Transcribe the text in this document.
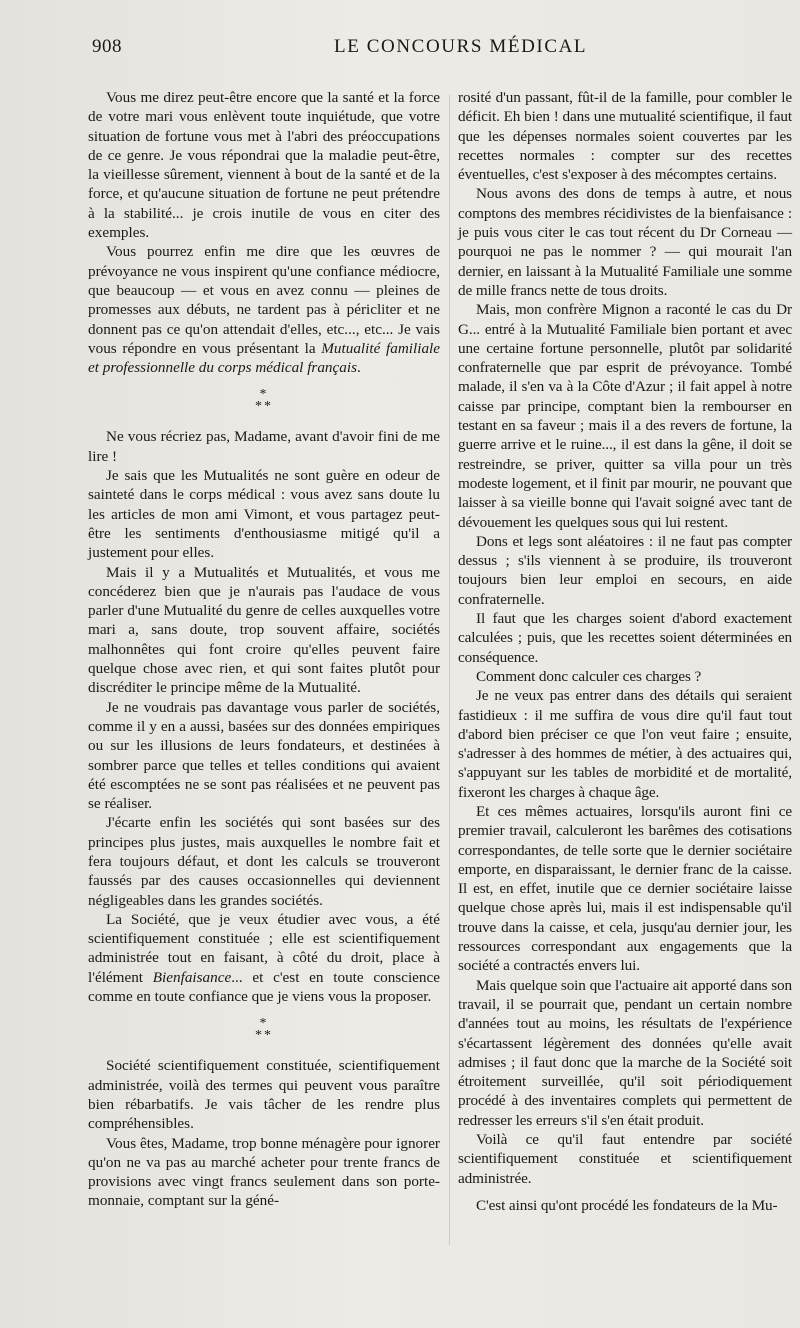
908	LE CONCOURS MÉDICAL

Vous me direz peut-être encore que la santé et la force de votre mari vous enlèvent toute inquiétude, que votre situation de fortune vous met à l'abri des préoccupations de ce genre. Je vous répondrai que la maladie peut-être, la vieillesse sûrement, viennent à bout de la santé et de la force, et qu'aucune situation de fortune ne peut prétendre à la stabilité... je crois inutile de vous en citer des exemples.

Vous pourrez enfin me dire que les œuvres de prévoyance ne vous inspirent qu'une confiance médiocre, que beaucoup — et vous en avez connu — pleines de promesses aux débuts, ne tardent pas à péricliter et ne donnent pas ce qu'on attendait d'elles, etc..., etc... Je vais vous répondre en vous présentant la Mutualité familiale et professionnelle du corps médical français.

*
**

Ne vous récriez pas, Madame, avant d'avoir fini de me lire !

Je sais que les Mutualités ne sont guère en odeur de sainteté dans le corps médical : vous avez sans doute lu les articles de mon ami Vimont, et vous partagez peut-être les sentiments d'enthousiasme mitigé qu'il a justement pour elles.

Mais il y a Mutualités et Mutualités, et vous me concéderez bien que je n'aurais pas l'audace de vous parler d'une Mutualité du genre de celles auxquelles votre mari a, sans doute, trop souvent affaire, sociétés malhonnêtes qui font croire qu'elles peuvent faire quelque chose avec rien, et qui sont faites plutôt pour discréditer le principe même de la Mutualité.

Je ne voudrais pas davantage vous parler de sociétés, comme il y en a aussi, basées sur des données empiriques ou sur les illusions de leurs fondateurs, et destinées à sombrer parce que telles et telles conditions qui avaient été escomptées ne se sont pas réalisées et ne peuvent pas se réaliser.

J'écarte enfin les sociétés qui sont basées sur des principes plus justes, mais auxquelles le nombre fait et fera toujours défaut, et dont les calculs se trouveront faussés par des causes occasionnelles qui deviennent négligeables dans les grandes sociétés.

La Société, que je veux étudier avec vous, a été scientifiquement constituée ; elle est scientifiquement administrée tout en faisant, à côté du droit, place à l'élément Bienfaisance... et c'est en toute conscience comme en toute confiance que je viens vous la proposer.

*
**

Société scientifiquement constituée, scientifiquement administrée, voilà des termes qui peuvent vous paraître bien rébarbatifs. Je vais tâcher de les rendre plus compréhensibles.

Vous êtes, Madame, trop bonne ménagère pour ignorer qu'on ne va pas au marché acheter pour trente francs de provisions avec vingt francs seulement dans son porte-monnaie, comptant sur la géné-

rosité d'un passant, fût-il de la famille, pour combler le déficit. Eh bien ! dans une mutualité scientifique, il faut que les dépenses normales soient couvertes par les recettes normales : compter sur des recettes éventuelles, c'est s'exposer à des mécomptes certains.

Nous avons des dons de temps à autre, et nous comptons des membres récidivistes de la bienfaisance : je puis vous citer le cas tout récent du Dr Corneau — pourquoi ne pas le nommer ? — qui mourait l'an dernier, en laissant à la Mutualité Familiale une somme de mille francs nette de tous droits.

Mais, mon confrère Mignon a raconté le cas du Dr G... entré à la Mutualité Familiale bien portant et avec une certaine fortune personnelle, plutôt par solidarité confraternelle que par esprit de prévoyance. Tombé malade, il s'en va à la Côte d'Azur ; il fait appel à notre caisse par principe, comptant bien la rembourser en testant en sa faveur ; mais il a des revers de fortune, la guerre arrive et le ruine..., il est dans la gêne, il doit se restreindre, se priver, quitter sa villa pour un très modeste logement, et il finit par mourir, ne pouvant que laisser à sa vieille bonne qui l'avait soigné avec tant de dévouement les quelques sous qui lui restent.

Dons et legs sont aléatoires : il ne faut pas compter dessus ; s'ils viennent à se produire, ils trouveront toujours bien leur emploi en secours, en aide confraternelle.

Il faut que les charges soient d'abord exactement calculées ; puis, que les recettes soient déterminées en conséquence.

Comment donc calculer ces charges ?

Je ne veux pas entrer dans des détails qui seraient fastidieux : il me suffira de vous dire qu'il faut tout d'abord bien préciser ce que l'on veut faire ; ensuite, s'adresser à des hommes de métier, à des actuaires qui, s'appuyant sur les tables de morbidité et de mortalité, fixeront les charges à chaque âge.

Et ces mêmes actuaires, lorsqu'ils auront fini ce premier travail, calculeront les barêmes des cotisations correspondantes, de telle sorte que le dernier sociétaire emporte, en disparaissant, le dernier franc de la caisse. Il est, en effet, inutile que ce dernier sociétaire laisse quelque chose après lui, mais il est indispensable qu'il trouve dans la caisse, et cela, jusqu'au dernier jour, les ressources correspondant aux engagements que la société a contractés envers lui.

Mais quelque soin que l'actuaire ait apporté dans son travail, il se pourrait que, pendant un certain nombre d'années tout au moins, les résultats de l'expérience s'écartassent légèrement des données qu'elle avait admises ; il faut donc que la marche de la Société soit étroitement surveillée, qu'il soit périodiquement procédé à des inventaires complets qui permettent de redresser les erreurs s'il s'en était produit.

Voilà ce qu'il faut entendre par société scientifiquement constituée et scientifiquement administrée.

C'est ainsi qu'ont procédé les fondateurs de la Mu-
